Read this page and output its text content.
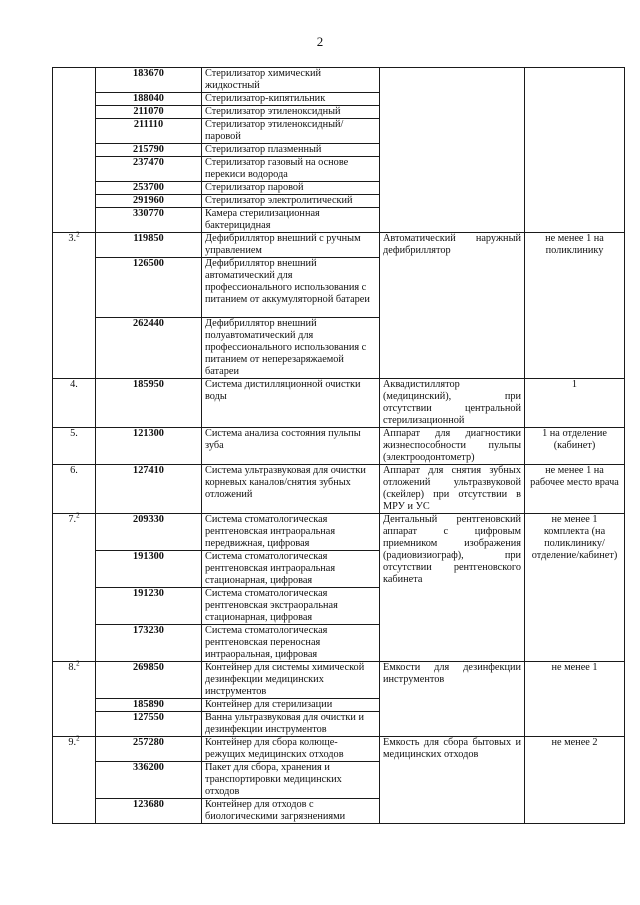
2
	183670	Стерилизатор химический жидкостный		
	188040	Стерилизатор-кипятильник		
	211070	Стерилизатор этиленоксидный		
	211110	Стерилизатор этиленоксидный/паровой		
	215790	Стерилизатор плазменный		
	237470	Стерилизатор газовый на основе перекиси водорода		
	253700	Стерилизатор паровой		
	291960	Стерилизатор электролитический		
	330770	Камера стерилизационная бактерицидная		
3.$^2$	119850	Дефибриллятор внешний с ручным управлением	Автоматический наружный дефибриллятор	не менее 1 на поликлинику
	126500	Дефибриллятор внешний автоматический для профессионального использования с питанием от аккумуляторной батареи		
	262440	Дефибриллятор внешний полуавтоматический для профессионального использования с питанием от неперезаряжаемой батареи		
4.	185950	Система дистилляционной очистки воды	Аквадистиллятор (медицинский), при отсутствии центральной стерилизационной	1
5.	121300	Система анализа состояния пульпы зуба	Аппарат для диагностики жизнеспособности пульпы (электроодонтометр)	1 на отделение (кабинет)
6.	127410	Система ультразвуковая для очистки корневых каналов/снятия зубных отложений	Аппарат для снятия зубных отложений ультразвуковой (скейлер) при отсутствии в МРУ и УС	не менее 1 на рабочее место врача
7.$^2$	209330	Система стоматологическая рентгеновская интраоральная передвижная, цифровая	Дентальный рентгеновский аппарат с цифровым приемником изображения (радиовизиограф), при отсутствии рентгеновского кабинета	не менее 1 комплекта (на поликлинику/отделение/кабинет)
	191300	Система стоматологическая рентгеновская интраоральная стационарная, цифровая		
	191230	Система стоматологическая рентгеновская экстраоральная стационарная, цифровая		
	173230	Система стоматологическая рентгеновская переносная интраоральная, цифровая		
8.$^2$	269850	Контейнер для системы химической дезинфекции медицинских инструментов	Емкости для дезинфекции инструментов	не менее 1
	185890	Контейнер для стерилизации		
	127550	Ванна ультразвуковая для очистки и дезинфекции инструментов		
9.$^2$	257280	Контейнер для сбора колюще-режущих медицинских отходов	Емкость для сбора бытовых и медицинских отходов	не менее 2
	336200	Пакет для сбора, хранения и транспортировки медицинских отходов		
	123680	Контейнер для отходов с биологическими загрязнениями		
